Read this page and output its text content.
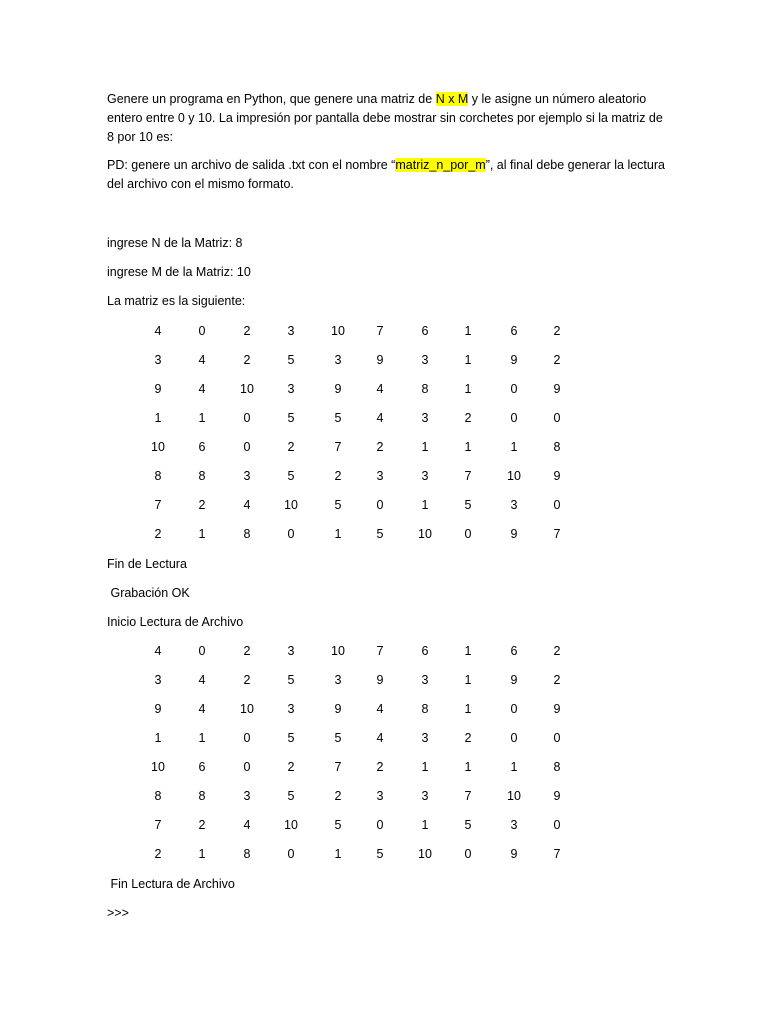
Genere un programa en Python, que genere una matriz de N x M y le asigne un número aleatorio entero entre 0 y 10. La impresión por pantalla debe mostrar sin corchetes por ejemplo si la matriz de 8 por 10 es:

PD: genere un archivo de salida .txt con el nombre “matriz_n_por_m”, al final debe generar la lectura del archivo con el mismo formato.

ingrese N de la Matriz: 8
ingrese M de la Matriz: 10
La matriz es la siguiente:
4	0	2	3	10	7	6	1	6	2
3	4	2	5	3	9	3	1	9	2
9	4	10	3	9	4	8	1	0	9
1	1	0	5	5	4	3	2	0	0
10	6	0	2	7	2	1	1	1	8
8	8	3	5	2	3	3	7	10	9
7	2	4	10	5	0	1	5	3	0
2	1	8	0	1	5	10	0	9	7
Fin de Lectura
Grabación OK
Inicio Lectura de Archivo
4	0	2	3	10	7	6	1	6	2
3	4	2	5	3	9	3	1	9	2
9	4	10	3	9	4	8	1	0	9
1	1	0	5	5	4	3	2	0	0
10	6	0	2	7	2	1	1	1	8
8	8	3	5	2	3	3	7	10	9
7	2	4	10	5	0	1	5	3	0
2	1	8	0	1	5	10	0	9	7
Fin Lectura de Archivo
>>>
